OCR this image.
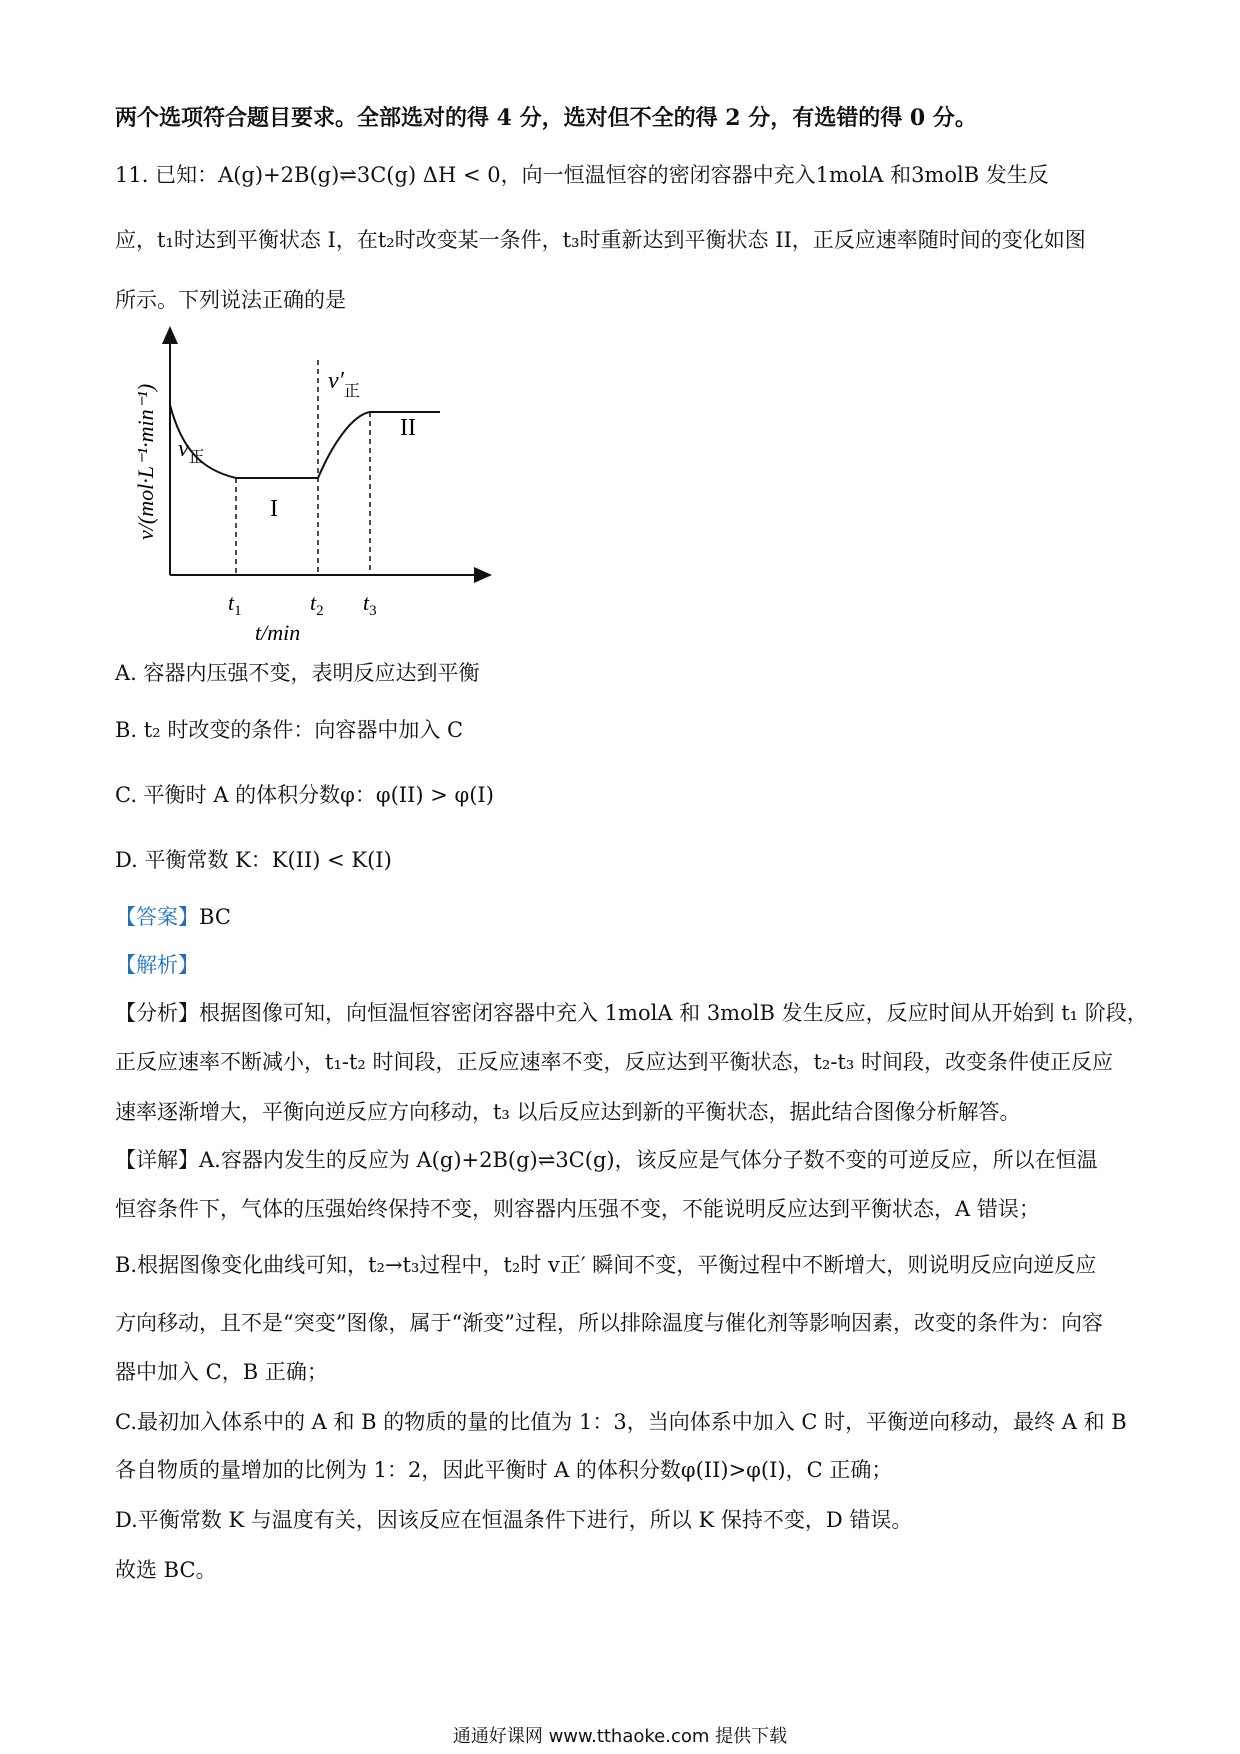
两个选项符合题目要求。全部选对的得 4 分，选对但不全的得 2 分，有选错的得 0 分。
11. 已知：A(g)+2B(g)⇌3C(g) ΔH < 0，向一恒温恒容的密闭容器中充入1molA 和3molB 发生反
应，t₁时达到平衡状态 I，在t₂时改变某一条件，t₃时重新达到平衡状态 II，正反应速率随时间的变化如图
所示。下列说法正确的是
v/(mol·L⁻¹·min⁻¹) $v_正$
$v'_正$
I
II
$t_1$	$t_2$ $t_3$
t/min
A. 容器内压强不变，表明反应达到平衡
B. t₂ 时改变的条件：向容器中加入 C
C. 平衡时 A 的体积分数φ：φ(II) > φ(I)
D. 平衡常数 K：K(II) < K(I)
【答案】BC
【解析】
【分析】根据图像可知，向恒温恒容密闭容器中充入 1molA 和 3molB 发生反应，反应时间从开始到 t₁ 阶段，
正反应速率不断减小，t₁-t₂ 时间段，正反应速率不变，反应达到平衡状态，t₂-t₃ 时间段，改变条件使正反应
速率逐渐增大，平衡向逆反应方向移动，t₃ 以后反应达到新的平衡状态，据此结合图像分析解答。
【详解】A.容器内发生的反应为 A(g)+2B(g)⇌3C(g)，该反应是气体分子数不变的可逆反应，所以在恒温
恒容条件下，气体的压强始终保持不变，则容器内压强不变，不能说明反应达到平衡状态，A 错误；
B.根据图像变化曲线可知，t₂→t₃过程中，t₂时 v正′ 瞬间不变，平衡过程中不断增大，则说明反应向逆反应
方向移动，且不是“突变”图像，属于“渐变”过程，所以排除温度与催化剂等影响因素，改变的条件为：向容
器中加入 C，B 正确；
C.最初加入体系中的 A 和 B 的物质的量的比值为 1：3，当向体系中加入 C 时，平衡逆向移动，最终 A 和 B
各自物质的量增加的比例为 1：2，因此平衡时 A 的体积分数φ(II)>φ(I)，C 正确；
D.平衡常数 K 与温度有关，因该反应在恒温条件下进行，所以 K 保持不变，D 错误。
故选 BC。
通通好课网 www.tthaoke.com 提供下载
